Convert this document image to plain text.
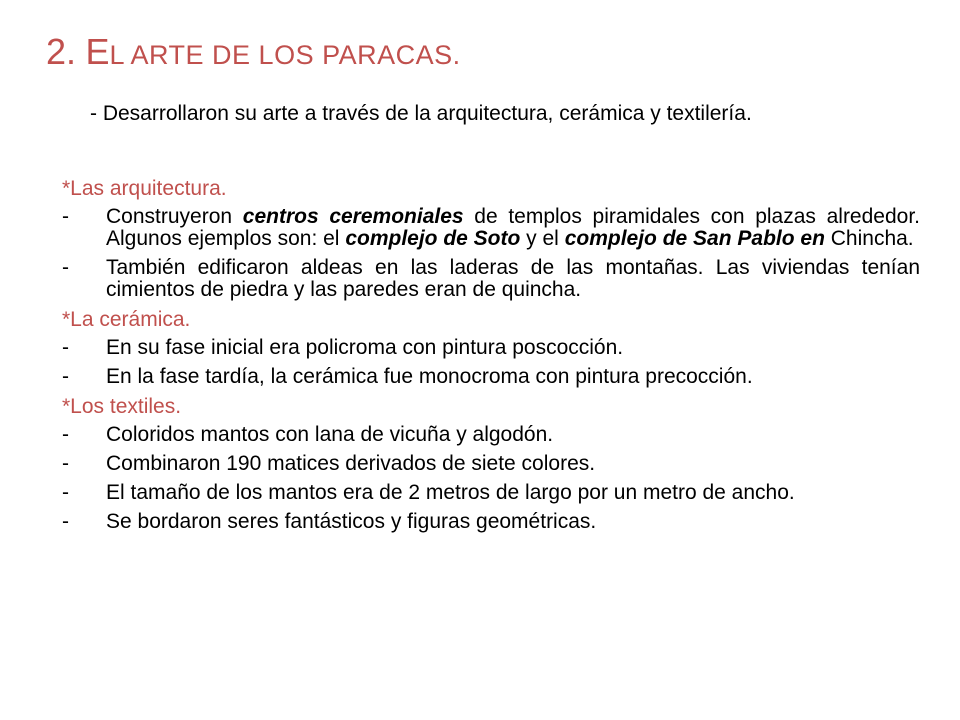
2. EL ARTE DE LOS PARACAS.
- Desarrollaron su arte a través de la arquitectura, cerámica y textilería.
*Las arquitectura.
-	Construyeron centros ceremoniales de templos piramidales con plazas alrededor. Algunos ejemplos son: el complejo de Soto y el complejo de San Pablo en Chincha.
-	También edificaron aldeas en las laderas de las montañas. Las viviendas tenían cimientos de piedra y las paredes eran de quincha.
*La cerámica.
-	En su fase inicial era policroma con pintura poscocción.
-	En la fase tardía, la cerámica fue monocroma con pintura precocción.
*Los textiles.
-	Coloridos mantos con lana de vicuña y algodón.
-	Combinaron 190 matices derivados de siete colores.
-	El tamaño de los mantos era de 2 metros de largo por un metro de ancho.
-	Se bordaron seres fantásticos y figuras geométricas.
